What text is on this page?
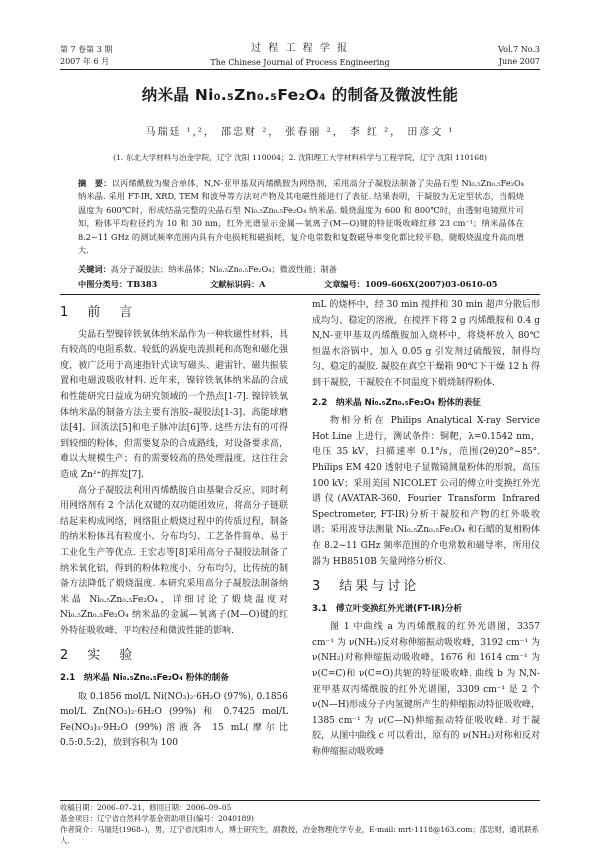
第 7 卷第 3 期
2007 年 6 月
过 程 工 程 学 报
The Chinese Journal of Process Engineering
Vol.7 No.3
June 2007
纳米晶 Ni₀.₅Zn₀.₅Fe₂O₄ 的制备及微波性能
马瑞廷 ¹,²， 邵忠财 ²， 张春丽 ²， 李 红 ²， 田彦文 ¹
(1. 东北大学材料与冶金学院，辽宁 沈阳 110004；2. 沈阳理工大学材料科学与工程学院，辽宁 沈阳 110168)
摘　要：以丙烯酰胺为聚合单体，N,N-亚甲基双丙烯酰胺为网络剂，采用高分子凝胶法制备了尖晶石型 Ni₀.₅Zn₀.₅Fe₂O₄ 纳米晶. 采用 FT-IR, XRD, TEM 和波导等方法对产物及其电磁性能进行了表征. 结果表明，干凝胶为无定型状态，当煅烧温度为 600℃时，形成结晶完整的尖晶石型 Ni₀.₅Zn₀.₅Fe₂O₄ 纳米晶. 煅烧温度为 600 和 800℃时，由透射电镜照片可知，粉体平均粒径约为 10 和 30 nm，红外光谱显示金属—氧离子(M—O)键的特征吸收峰红移 23 cm⁻¹；纳米晶体在 8.2~11 GHz 的测试频率范围内具有介电损耗和磁损耗，复介电常数和复数磁导率变化都比较平稳，随煅烧温度升高而增大.
关键词：高分子凝胶法；纳米晶体；Ni₀.₅Zn₀.₅Fe₂O₄；微波性能；制备
中图分类号：TB383	文献标识码：A	文章编号：1009-606X(2007)03-0610-05
1　前　言

尖晶石型镍锌铁氧体纳米晶作为一种软磁性材料，具有较高的电阻系数、较低的涡旋电流损耗和高饱和磁化强度，被广泛用于高速指针式读写磁头、避雷针、磁共振装置和电磁波吸收材料. 近年来，镍锌铁氧体纳米晶的合成和性能研究日益成为研究领域的一个热点[1-7]. 镍锌铁氧体纳米晶的制备方法主要有溶胶–凝胶法[1-3]、高能球磨法[4]、回流法[5]和电子脉冲法[6]等. 这些方法有的可得到较细的粉体，但需要复杂的合成路线，对设备要求高，难以大规模生产；有的需要较高的热处理温度，这往往会造成 Zn²⁺的挥发[7].

高分子凝胶法利用丙烯酰胺自由基聚合反应，同时利用网络剂有 2 个活化双键的双功能团效应，将高分子链联结起来构成网络，网络阻止煅烧过程中的传质过程，制备的纳米粉体具有粒度小、分布均匀、工艺条件简单、易于工业化生产等优点. 王宏志等[8]采用高分子凝胶法制备了纳米氧化铝，得到的粉体粒度小、分布均匀，比传统的制备方法降低了煅烧温度. 本研究采用高分子凝胶法制备纳米晶 Ni₀.₅Zn₀.₅Fe₂O₄，详细讨论了煅烧温度对 Ni₀.₅Zn₀.₅Fe₂O₄ 纳米晶的金属—氧离子(M—O)键的红外特征吸收峰、平均粒径和微波性能的影响.

2　实　验
2.1　纳米晶 Ni₀.₅Zn₀.₅Fe₂O₄ 粉体的制备

取 0.1856 mol/L Ni(NO₃)₂·6H₂O (97%), 0.1856 mol/L Zn(NO₃)₂·6H₂O (99%) 和 0.7425 mol/L Fe(NO₃)₃·9H₂O (99%)溶液各 15 mL(摩尔比 0.5:0.5:2)，放到容积为 100

mL 的烧杯中，经 30 min 搅拌和 30 min 超声分散后形成均匀、稳定的溶液，在搅拌下将 2 g 丙烯酰胺和 0.4 g N,N-亚甲基双丙烯酰胺加入烧杯中，将烧杯放入 80℃ 恒温水浴锅中，加入 0.05 g 引发剂过硫酸铵，制得均匀、稳定的凝胶. 凝胶在真空干燥箱 90℃下干燥 12 h 得到干凝胶，干凝胶在不同温度下煅烧制得粉体.

2.2　纳米晶 Ni₀.₅Zn₀.₅Fe₂O₄ 粉体的表征

物相分析在 Philips Analytical X-ray Service Hot Line 上进行，测试条件：铜靶，λ=0.1542 nm，电压 35 kV，扫描速率 0.1°/s，范围(2θ)20°~85°. Philips EM 420 透射电子显微镜测量粉体的形貌，高压 100 kV；采用美国 NICOLET 公司的傅立叶变换红外光谱仪(AVATAR-360, Fourier Transform Infrared Spectrometer, FT-IR)分析干凝胶和产物的红外吸收谱；采用波导法测量 Ni₀.₅Zn₀.₅Fe₂O₄ 和石蜡的复相粉体在 8.2~11 GHz 频率范围的介电常数和磁导率，所用仪器为 HB8510B 矢量网络分析仪.

3　结果与讨论
3.1　傅立叶变换红外光谱(FT-IR)分析

图 1 中曲线 a 为丙烯酰胺的红外光谱图，3357 cm⁻¹ 为 ν(NH₂)反对称伸缩振动吸收峰，3192 cm⁻¹ 为 ν(NH₂)对称伸缩振动吸收峰，1676 和 1614 cm⁻¹ 为 ν(C=C)和 ν(C=O)共轭的特征吸收峰. 曲线 b 为 N,N-亚甲基双丙烯酰胺的红外光谱图，3309 cm⁻¹ 是 2 个 ν(N—H)形成分子内氢键所产生的伸缩振动特征吸收峰，1385 cm⁻¹ 为 ν(C—N)伸缩振动特征吸收峰. 对于凝胶，从图中曲线 c 可以看出，原有的 ν(NH₂)对称和反对称伸缩振动吸收峰

收稿日期：2006–07–21，修回日期：2006–09–05
基金项目：辽宁省自然科学基金资助项目(编号：2040189)
作者简介：马瑞廷(1968–)，男，辽宁省沈阳市人，博士研究生，副教授，冶金物理化学专业，E-mail: mrt-1118@163.com；邵忠财，通讯联系人.
